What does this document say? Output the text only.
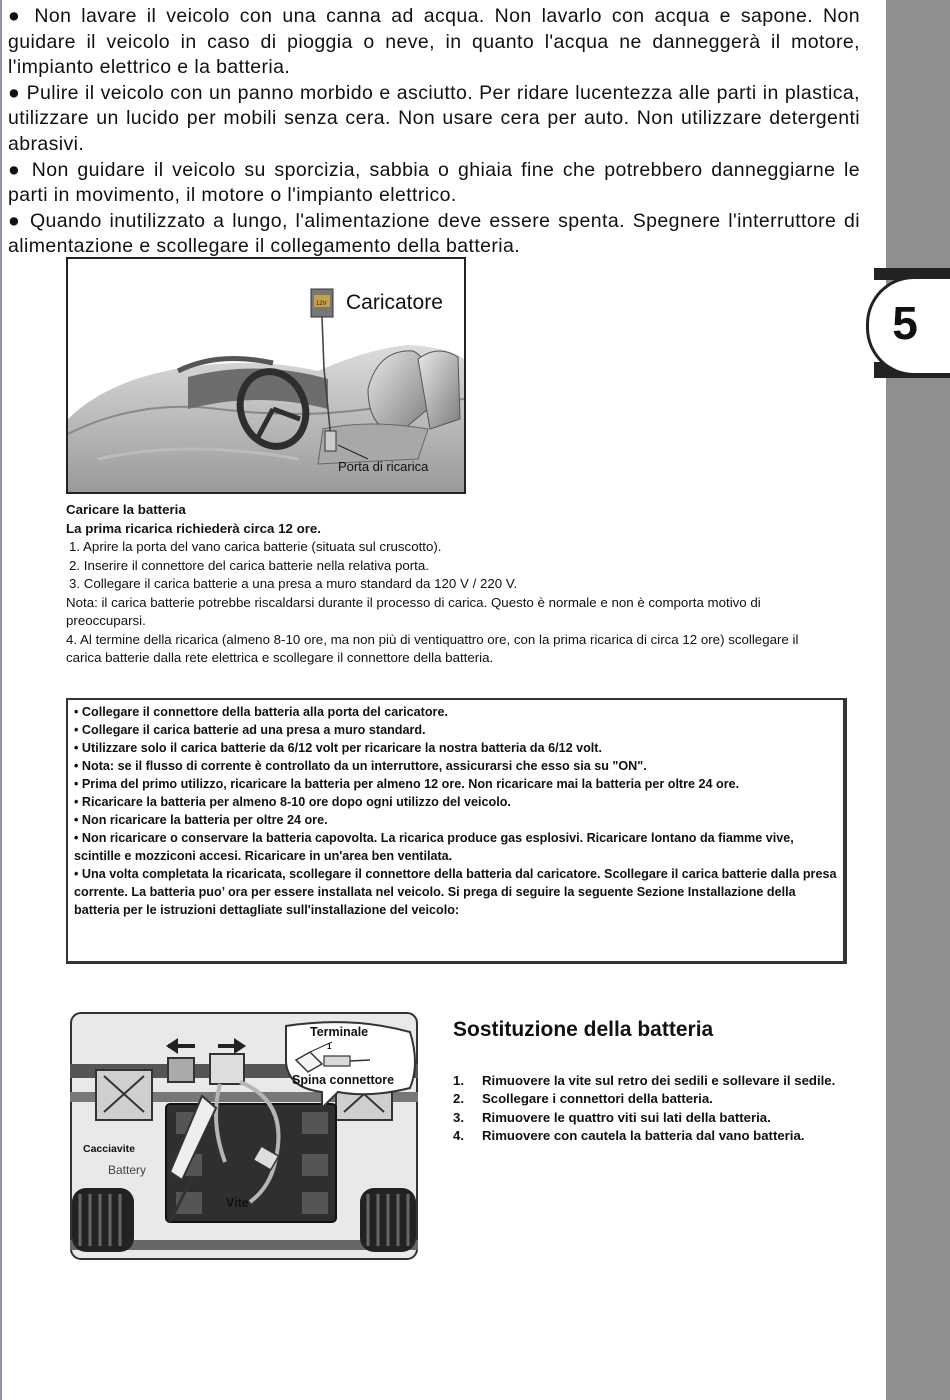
5

● Non lavare il veicolo con una canna ad acqua. Non lavarlo con acqua e sapone. Non guidare il veicolo in caso di pioggia o neve, in quanto l'acqua ne danneggerà il motore, l'impianto elettrico e la batteria.

● Pulire il veicolo con un panno morbido e asciutto. Per ridare lucentezza alle parti in plastica, utilizzare un lucido per mobili senza cera. Non usare cera per auto. Non utilizzare detergenti abrasivi.

● Non guidare il veicolo su sporcizia, sabbia o ghiaia fine che potrebbero danneggiarne le parti in movimento, il motore o l'impianto elettrico.

● Quando inutilizzato a lungo, l'alimentazione deve essere spenta. Spegnere l'interruttore di alimentazione e scollegare il collegamento della batteria.

12V Caricatore
Porta di ricarica

Caricare la batteria

La prima ricarica richiederà circa 12 ore.

1. Aprire la porta del vano carica batterie (situata sul cruscotto).

2. Inserire il connettore del carica batterie nella relativa porta.

3. Collegare il carica batterie a una presa a muro standard da 120 V / 220 V.

Nota: il carica batterie potrebbe riscaldarsi durante il processo di carica. Questo è normale e non è comporta motivo di preoccuparsi.

4. Al termine della ricarica (almeno 8-10 ore, ma non più di ventiquattro ore, con la prima ricarica di circa 12 ore) scollegare il carica batterie dalla rete elettrica e scollegare il connettore della batteria.

• Collegare il connettore della batteria alla porta del caricatore.

• Collegare il carica batterie ad una presa a muro standard.

• Utilizzare solo il carica batterie da 6/12 volt per ricaricare la nostra batteria da 6/12 volt.

• Nota: se il flusso di corrente è controllato da un interruttore, assicurarsi che esso sia su "ON".

• Prima del primo utilizzo, ricaricare la batteria per almeno 12 ore. Non ricaricare mai la batteria per oltre 24 ore.

• Ricaricare la batteria per almeno 8-10 ore dopo ogni utilizzo del veicolo.

• Non ricaricare la batteria per oltre 24 ore.

• Non ricaricare o conservare la batteria capovolta. La ricarica produce gas esplosivi. Ricaricare lontano da fiamme vive, scintille e mozziconi accesi. Ricaricare in un'area ben ventilata.

• Una volta completata la ricaricata, scollegare il connettore della batteria dal caricatore. Scollegare il carica batterie dalla presa corrente. La batteria puo’ ora per essere installata nel veicolo. Si prega di seguire la seguente Sezione Installazione della batteria per le istruzioni dettagliate sull'installazione del veicolo:

Terminale
1
Spina connettore
Cacciavite
Battery
Vite

Sostituzione della batteria

1.	Rimuovere la vite sul retro dei sedili e sollevare il sedile.
2.	Scollegare i connettori della batteria.
3.	Rimuovere le quattro viti sui lati della batteria.
4.	Rimuovere con cautela la batteria dal vano batteria.
